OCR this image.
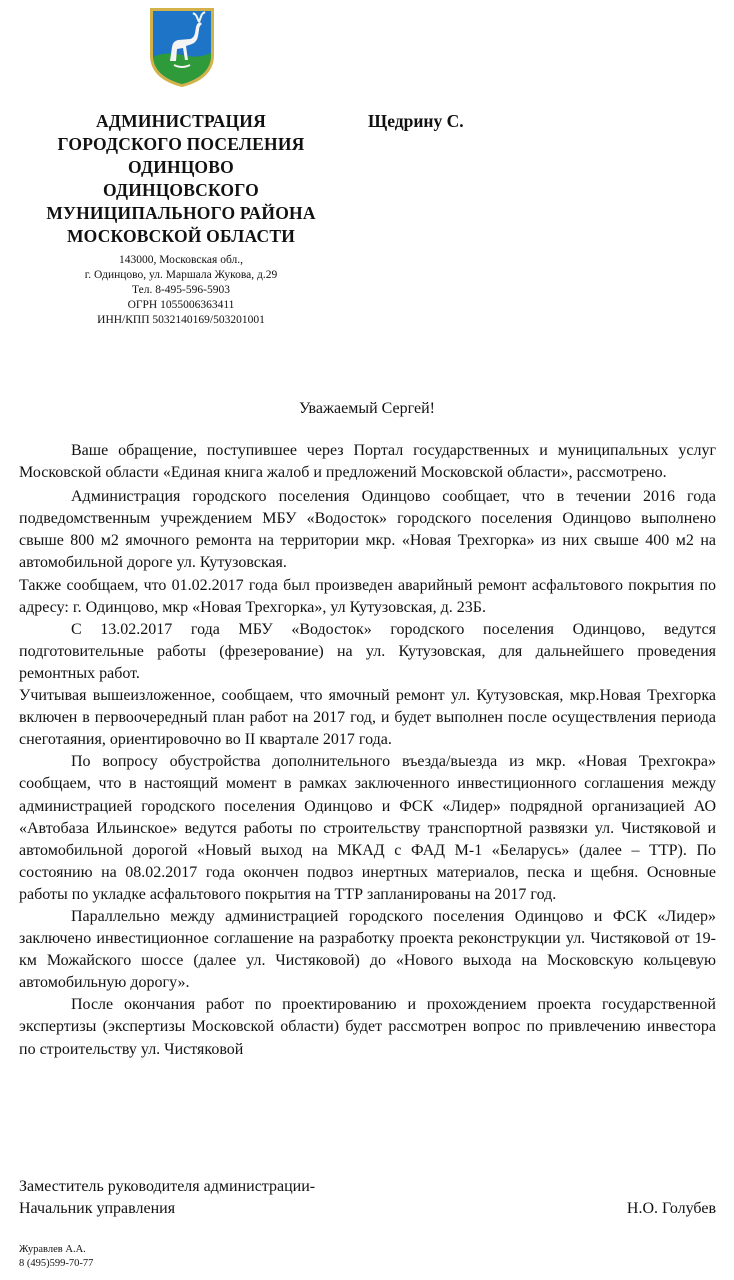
АДМИНИСТРАЦИЯ
ГОРОДСКОГО ПОСЕЛЕНИЯ
ОДИНЦОВО
ОДИНЦОВСКОГО
МУНИЦИПАЛЬНОГО РАЙОНА
МОСКОВСКОЙ ОБЛАСТИ
143000, Московская обл.,
г. Одинцово, ул. Маршала Жукова, д.29
Тел. 8-495-596-5903
ОГРН 1055006363411
ИНН/КПП 5032140169/503201001
Щедрину С.
Уважаемый Сергей!

Ваше обращение, поступившее через Портал государственных и муниципальных услуг Московской области «Единая книга жалоб и предложений Московской области», рассмотрено.

Администрация городского поселения Одинцово сообщает, что в течении 2016 года подведомственным учреждением МБУ «Водосток» городского поселения Одинцово выполнено свыше 800 м2 ямочного ремонта на территории мкр. «Новая Трехгорка» из них свыше 400 м2 на автомобильной дороге ул. Кутузовская.

Также сообщаем, что 01.02.2017 года был произведен аварийный ремонт асфальтового покрытия по адресу: г. Одинцово, мкр «Новая Трехгорка», ул Кутузовская, д. 23Б.

С 13.02.2017 года МБУ «Водосток» городского поселения Одинцово, ведутся подготовительные работы (фрезерование) на ул. Кутузовская, для дальнейшего проведения ремонтных работ.

Учитывая вышеизложенное, сообщаем, что ямочный ремонт ул. Кутузовская, мкр.Новая Трехгорка включен в первоочередный план работ на 2017 год, и будет выполнен после осуществления периода снеготаяния, ориентировочно во II квартале 2017 года.

По вопросу обустройства дополнительного въезда/выезда из мкр. «Новая Трехгокра» сообщаем, что в настоящий момент в рамках заключенного инвестиционного соглашения между администрацией городского поселения Одинцово и ФСК «Лидер» подрядной организацией АО «Автобаза Ильинское» ведутся работы по строительству транспортной развязки ул. Чистяковой и автомобильной дорогой «Новый выход на МКАД с ФАД М-1 «Беларусь» (далее – ТТР). По состоянию на 08.02.2017 года окончен подвоз инертных материалов, песка и щебня. Основные работы по укладке асфальтового покрытия на ТТР запланированы на 2017 год.

Параллельно между администрацией городского поселения Одинцово и ФСК «Лидер» заключено инвестиционное соглашение на разработку проекта реконструкции ул. Чистяковой от 19-км Можайского шоссе (далее ул. Чистяковой) до «Нового выхода на Московскую кольцевую автомобильную дорогу».

После окончания работ по проектированию и прохождением проекта государственной экспертизы (экспертизы Московской области) будет рассмотрен вопрос по привлечению инвестора по строительству ул. Чистяковой

Заместитель руководителя администрации-
Начальник управления	Н.О. Голубев
Журавлев А.А.
8 (495)599-70-77
